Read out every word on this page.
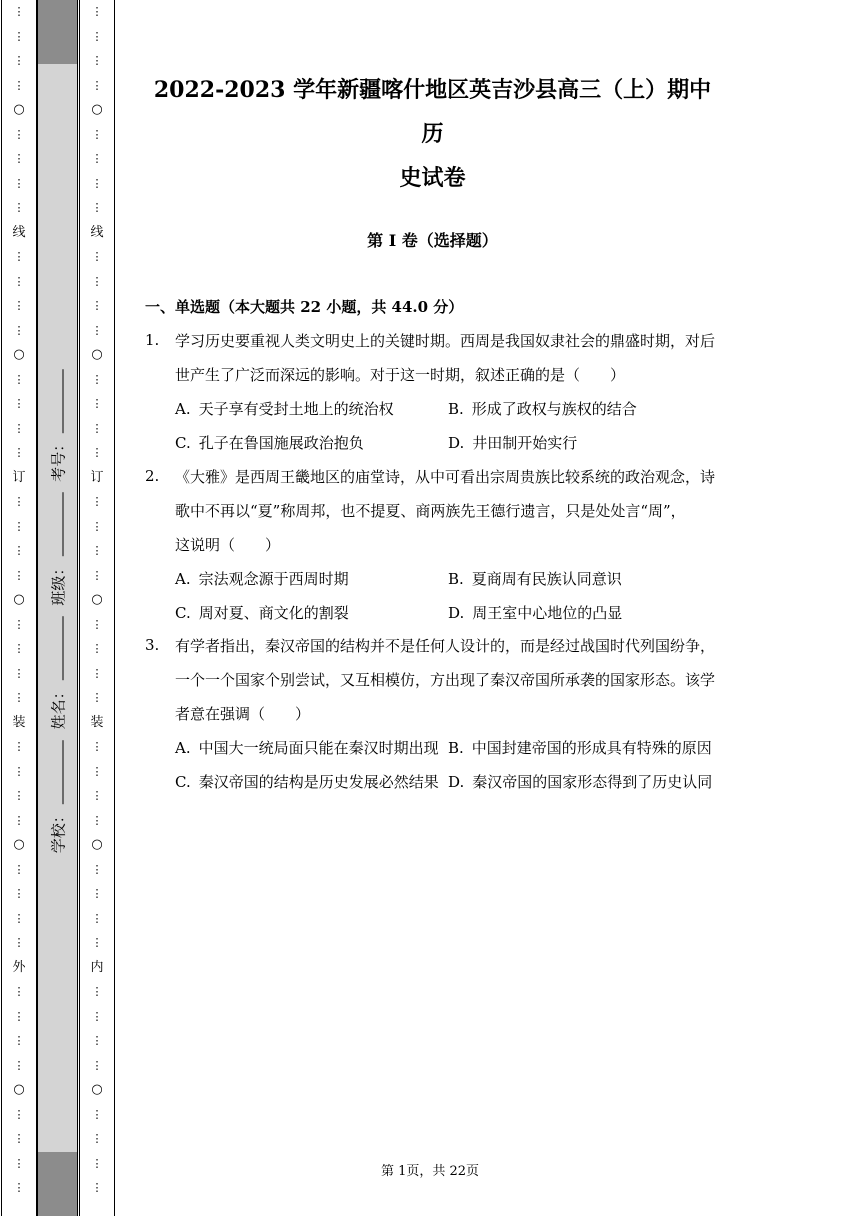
⋮
⋮
⋮
⋮
○
⋮
⋮
⋮
⋮
线
⋮
⋮
⋮
⋮
○
⋮
⋮
⋮
⋮
订
⋮
⋮
⋮
⋮
○
⋮
⋮
⋮
⋮
装
⋮
⋮
⋮
⋮
○
⋮
⋮
⋮
⋮
外
⋮
⋮
⋮
⋮
○
⋮
⋮
⋮
⋮
学校： 姓名： 班级： 考号：
⋮
⋮
⋮
⋮
○
⋮
⋮
⋮
⋮
线
⋮
⋮
⋮
⋮
○
⋮
⋮
⋮
⋮
订
⋮
⋮
⋮
⋮
○
⋮
⋮
⋮
⋮
装
⋮
⋮
⋮
⋮
○
⋮
⋮
⋮
⋮
内
⋮
⋮
⋮
⋮
○
⋮
⋮
⋮
⋮
2022-2023 学年新疆喀什地区英吉沙县高三（上）期中历
史试卷
第 I 卷（选择题）
一、单选题（本大题共 22 小题，共 44.0 分）
1. 学习历史要重视人类文明史上的关键时期。西周是我国奴隶社会的鼎盛时期，对后
世产生了广泛而深远的影响。对于这一时期，叙述正确的是（　　）
A. 天子享有受封土地上的统治权	B. 形成了政权与族权的结合
C. 孔子在鲁国施展政治抱负	D. 井田制开始实行
2. 《大雅》是西周王畿地区的庙堂诗，从中可看出宗周贵族比较系统的政治观念，诗
歌中不再以“夏”称周邦，也不提夏、商两族先王德行遗言，只是处处言“周”，
这说明（　　）
A. 宗法观念源于西周时期	B. 夏商周有民族认同意识
C. 周对夏、商文化的割裂	D. 周王室中心地位的凸显
3. 有学者指出，秦汉帝国的结构并不是任何人设计的，而是经过战国时代列国纷争，
一个一个国家个别尝试，又互相模仿，方出现了秦汉帝国所承袭的国家形态。该学
者意在强调（　　）
A. 中国大一统局面只能在秦汉时期出现 B. 中国封建帝国的形成具有特殊的原因
C. 秦汉帝国的结构是历史发展必然结果 D. 秦汉帝国的国家形态得到了历史认同
第 1页，共 22页
